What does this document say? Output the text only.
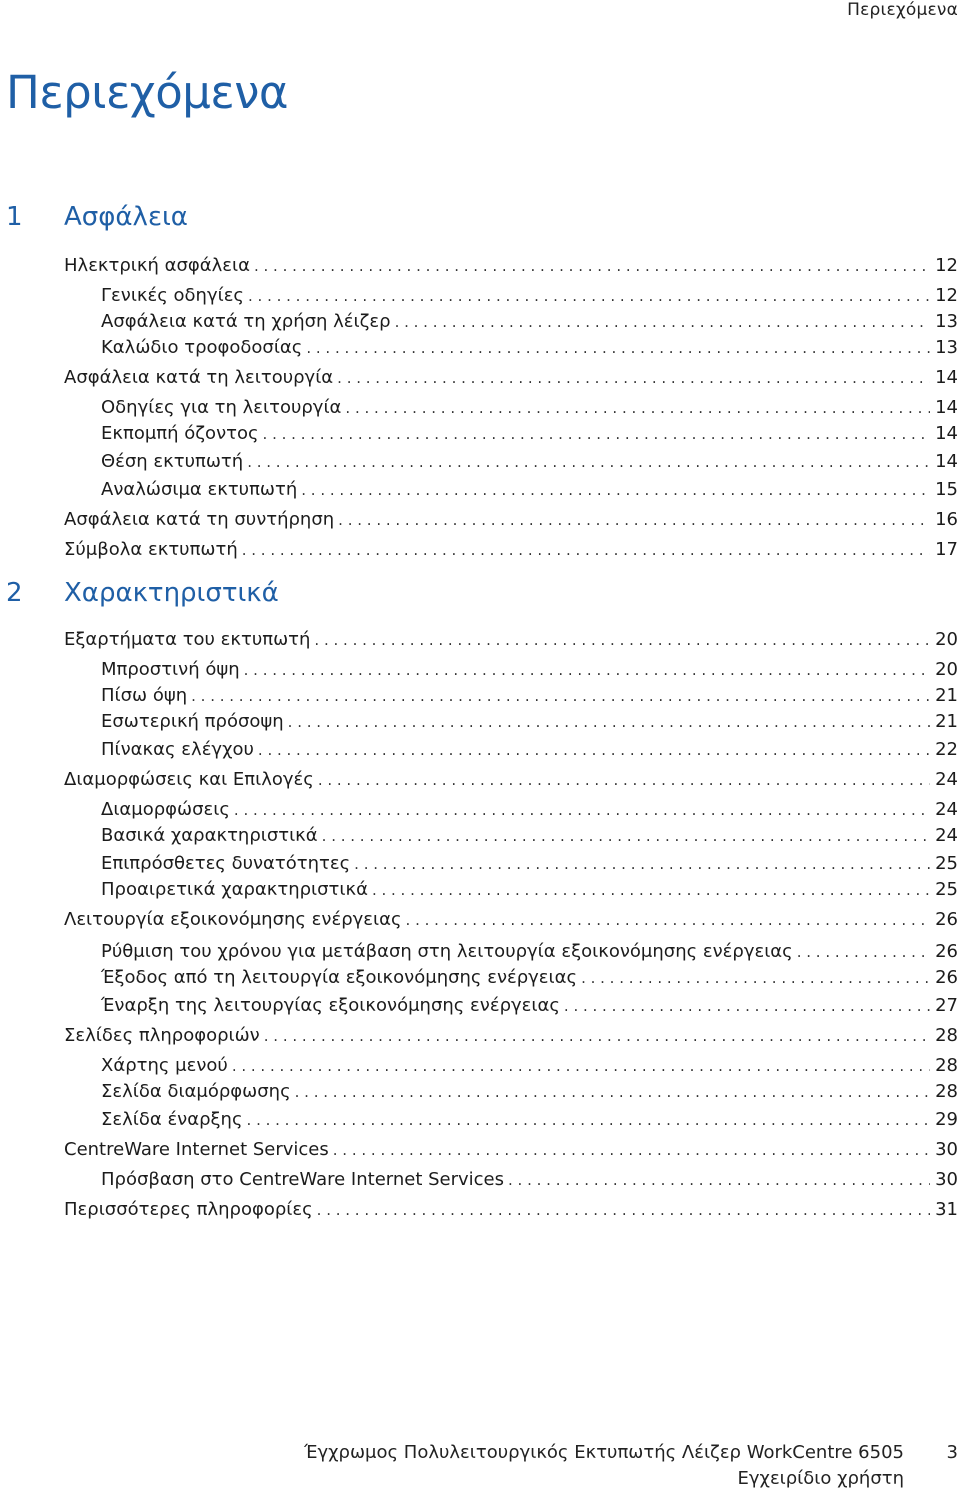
Περιεχόμενα
Περιεχόμενα
1 Ασφάλεια
Ηλεκτρική ασφάλεια . . .	12
Γενικές οδηγίες . . .	12
Ασφάλεια κατά τη χρήση λέιζερ . . .	13
Καλώδιο τροφοδοσίας . . .	13
Ασφάλεια κατά τη λειτουργία . . .	14
Οδηγίες για τη λειτουργία . . .	14
Εκπομπή όζοντος . . .	14
Θέση εκτυπωτή . . .	14
Αναλώσιμα εκτυπωτή . . .	15
Ασφάλεια κατά τη συντήρηση . . .	16
Σύμβολα εκτυπωτή . . .	17
2 Χαρακτηριστικά
Εξαρτήματα του εκτυπωτή . . .	20
Μπροστινή όψη . . .	20
Πίσω όψη . . .	21
Εσωτερική πρόσοψη . . .	21
Πίνακας ελέγχου . . .	22
Διαμορφώσεις και Επιλογές . . .	24
Διαμορφώσεις . . .	24
Βασικά χαρακτηριστικά . . .	24
Επιπρόσθετες δυνατότητες . . .	25
Προαιρετικά χαρακτηριστικά . . .	25
Λειτουργία εξοικονόμησης ενέργειας . . .	26
Ρύθμιση του χρόνου για μετάβαση στη λειτουργία εξοικονόμησης ενέργειας . . .	26
Έξοδος από τη λειτουργία εξοικονόμησης ενέργειας . . .	26
Έναρξη της λειτουργίας εξοικονόμησης ενέργειας . . .	27
Σελίδες πληροφοριών . . .	28
Χάρτης μενού . . .	28
Σελίδα διαμόρφωσης . . .	28
Σελίδα έναρξης . . .	29
CentreWare Internet Services . . .	30
Πρόσβαση στο CentreWare Internet Services . . .	30
Περισσότερες πληροφορίες . . .	31
Έγχρωμος Πολυλειτουργικός Εκτυπωτής Λέιζερ WorkCentre 6505 3
Εγχειρίδιο χρήστη
